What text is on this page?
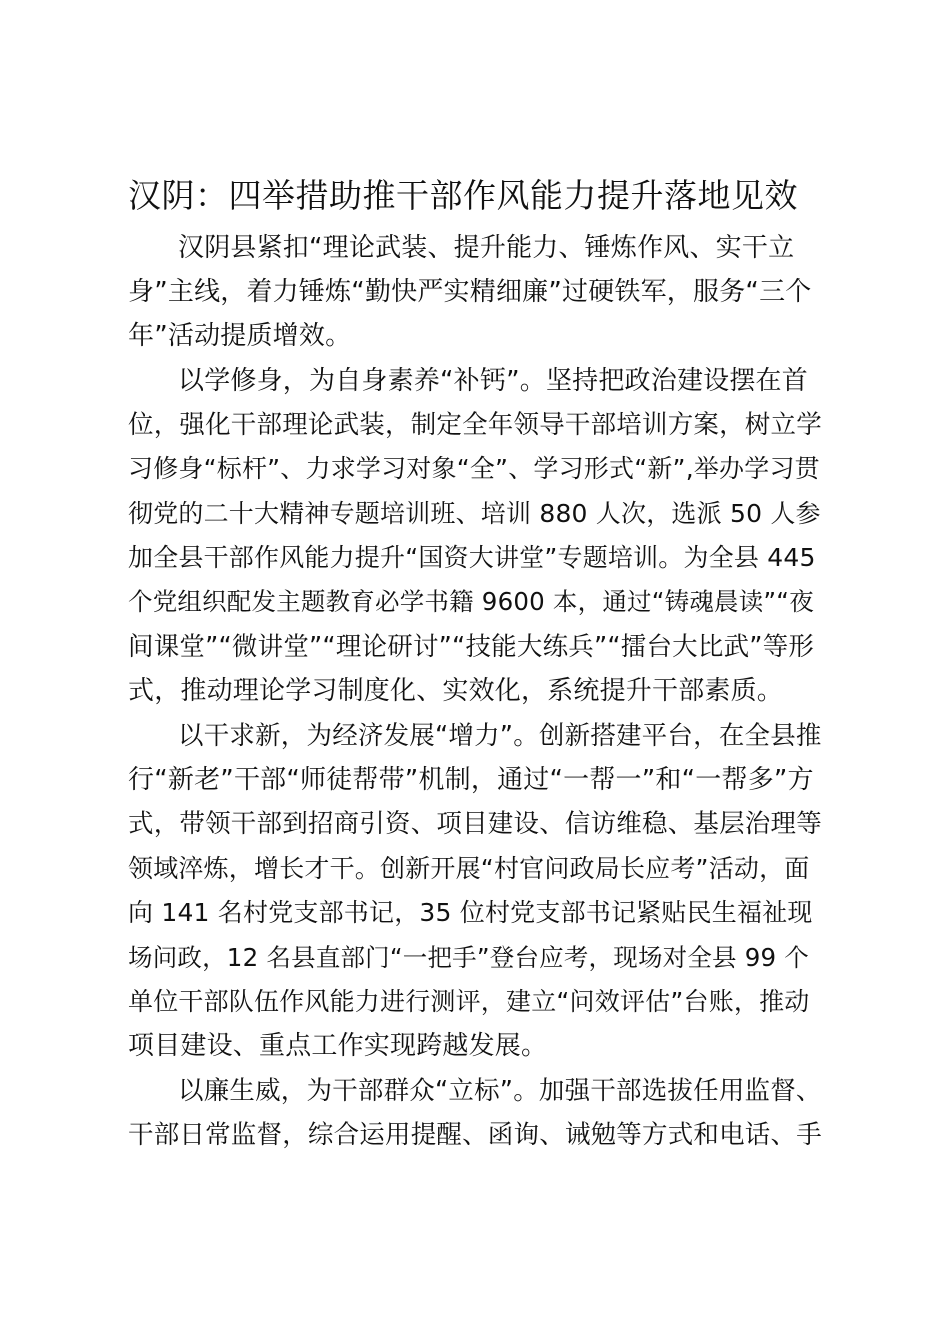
汉阴：四举措助推干部作风能力提升落地见效
汉阴县紧扣“理论武装、提升能力、锤炼作风、实干立
身”主线，着力锤炼“勤快严实精细廉”过硬铁军，服务“三个
年”活动提质增效。
以学修身，为自身素养“补钙”。坚持把政治建设摆在首
位，强化干部理论武装，制定全年领导干部培训方案，树立学
习修身“标杆”、力求学习对象“全”、学习形式“新”,举办学习贯
彻党的二十大精神专题培训班、培训 880 人次，选派 50 人参
加全县干部作风能力提升“国资大讲堂”专题培训。为全县 445
个党组织配发主题教育必学书籍 9600 本，通过“铸魂晨读”“夜
间课堂”“微讲堂”“理论研讨”“技能大练兵”“擂台大比武”等形
式，推动理论学习制度化、实效化，系统提升干部素质。
以干求新，为经济发展“增力”。创新搭建平台，在全县推
行“新老”干部“师徒帮带”机制，通过“一帮一”和“一帮多”方
式，带领干部到招商引资、项目建设、信访维稳、基层治理等
领域淬炼，增长才干。创新开展“村官问政局长应考”活动，面
向 141 名村党支部书记，35 位村党支部书记紧贴民生福祉现
场问政，12 名县直部门“一把手”登台应考，现场对全县 99 个
单位干部队伍作风能力进行测评，建立“问效评估”台账，推动
项目建设、重点工作实现跨越发展。
以廉生威，为干部群众“立标”。加强干部选拔任用监督、
干部日常监督，综合运用提醒、函询、诫勉等方式和电话、手
